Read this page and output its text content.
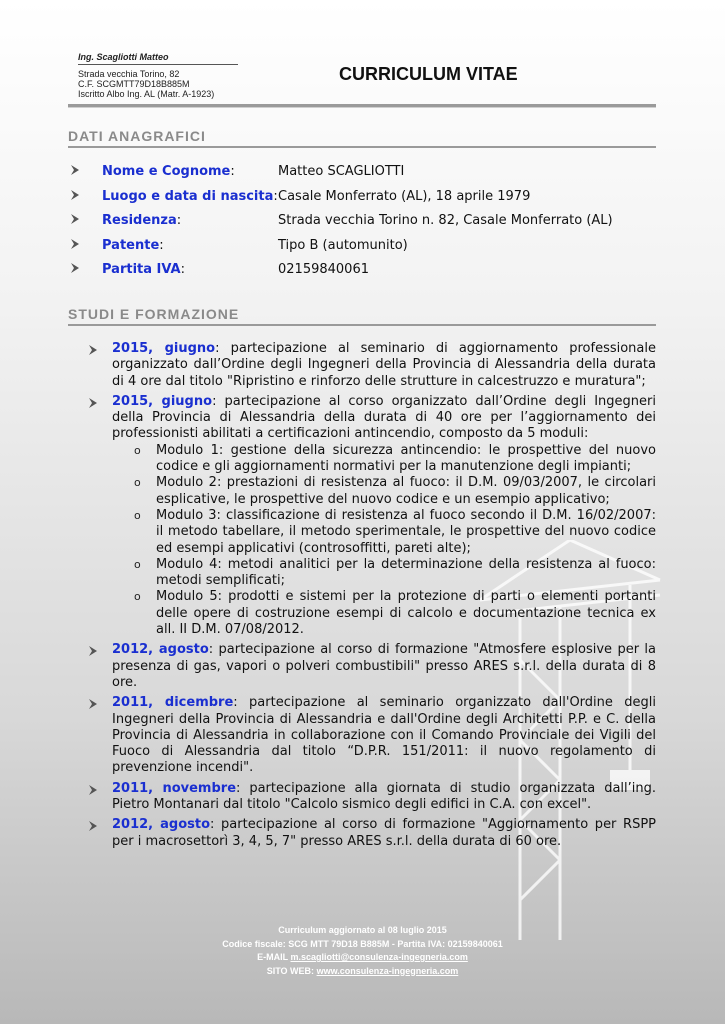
Ing. Scagliotti Matteo
Strada vecchia Torino, 82
C.F. SCGMTT79D18B885M
Iscritto Albo Ing. AL (Matr. A-1923)
CURRICULUM VITAE
DATI ANAGRAFICI
Nome e Cognome:	Matteo SCAGLIOTTI
Luogo e data di nascita: Casale Monferrato (AL), 18 aprile 1979
Residenza:	Strada vecchia Torino n. 82, Casale Monferrato (AL)
Patente:	Tipo B (automunito)
Partita IVA:	02159840061
STUDI E FORMAZIONE
2015, giugno: partecipazione al seminario di aggiornamento professionale organizzato dall’Ordine degli Ingegneri della Provincia di Alessandria della durata di 4 ore dal titolo "Ripristino e rinforzo delle strutture in calcestruzzo e muratura";
2015, giugno: partecipazione al corso organizzato dall’Ordine degli Ingegneri della Provincia di Alessandria della durata di 40 ore per l’aggiornamento dei professionisti abilitati a certificazioni antincendio, composto da 5 moduli:
o Modulo 1: gestione della sicurezza antincendio: le prospettive del nuovo codice e gli aggiornamenti normativi per la manutenzione degli impianti;
o Modulo 2: prestazioni di resistenza al fuoco: il D.M. 09/03/2007, le circolari esplicative, le prospettive del nuovo codice e un esempio applicativo;
o Modulo 3: classificazione di resistenza al fuoco secondo il D.M. 16/02/2007: il metodo tabellare, il metodo sperimentale, le prospettive del nuovo codice ed esempi applicativi (controsoffitti, pareti alte);
o Modulo 4: metodi analitici per la determinazione della resistenza al fuoco: metodi semplificati;
o Modulo 5: prodotti e sistemi per la protezione di parti o elementi portanti delle opere di costruzione esempi di calcolo e documentazione tecnica ex all. II D.M. 07/08/2012.
2012, agosto: partecipazione al corso di formazione "Atmosfere esplosive per la presenza di gas, vapori o polveri combustibili" presso ARES s.r.l. della durata di 8 ore.
2011, dicembre: partecipazione al seminario organizzato dall'Ordine degli Ingegneri della Provincia di Alessandria e dall'Ordine degli Architetti P.P. e C. della Provincia di Alessandria in collaborazione con il Comando Provinciale dei Vigili del Fuoco di Alessandria dal titolo “D.P.R. 151/2011: il nuovo regolamento di prevenzione incendi".
2011, novembre: partecipazione alla giornata di studio organizzata dall’ing. Pietro Montanari dal titolo "Calcolo sismico degli edifici in C.A. con excel".
2012, agosto: partecipazione al corso di formazione "Aggiornamento per RSPP per i macrosettorì 3, 4, 5, 7" presso ARES s.r.l. della durata di 60 ore.
Curriculum aggiornato al 08 luglio 2015
Codice fiscale: SCG MTT 79D18 B885M - Partita IVA: 02159840061
E-MAIL m.scagliotti@consulenza-ingegneria.com
SITO WEB: www.consulenza-ingegneria.com
